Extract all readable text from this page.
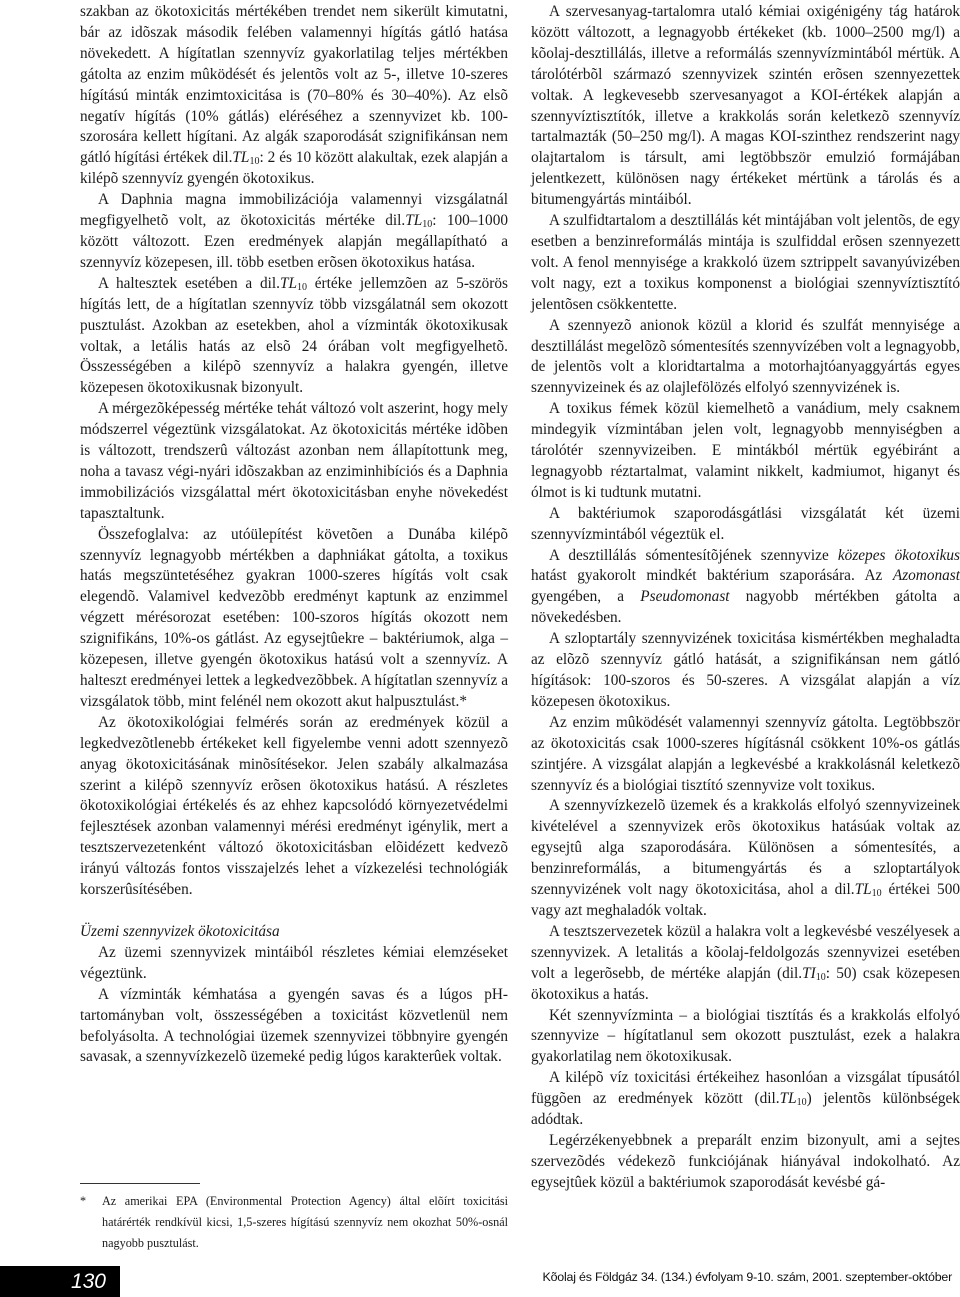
szakban az ökotoxicitás mértékében trendet nem sikerült kimutatni, bár az idõszak második felében valamennyi hígítás gátló hatása növekedett. A hígítatlan szennyvíz gyakorlatilag teljes mértékben gátolta az enzim mûködését és jelentõs volt az 5-, illetve 10-szeres hígítású minták enzimtoxicitása is (70–80% és 30–40%). Az elsõ negatív hígítás (10% gátlás) eléréséhez a szennyvizet kb. 100-szorosára kellett hígítani. Az algák szaporodását szignifikánsan nem gátló hígítási értékek $dil.TL_{10}$: 2 és 10 között alakultak, ezek alapján a kilépõ szennyvíz gyengén ökotoxikus.

A Daphnia magna immobilizációja valamennyi vizsgálatnál megfigyelhetõ volt, az ökotoxicitás mértéke $dil.TL_{10}$: 100–1000 között változott. Ezen eredmények alapján megállapítható a szennyvíz közepesen, ill. több esetben erõsen ökotoxikus hatása.

A haltesztek esetében a $dil.TL_{10}$ értéke jellemzõen az 5-szörös hígítás lett, de a hígítatlan szennyvíz több vizsgálatnál sem okozott pusztulást. Azokban az esetekben, ahol a vízminták ökotoxikusak voltak, a letális hatás az elsõ 24 órában volt megfigyelhetõ. Összességében a kilépõ szennyvíz a halakra gyengén, illetve közepesen ökotoxikusnak bizonyult.

A mérgezõképesség mértéke tehát változó volt aszerint, hogy mely módszerrel végeztünk vizsgálatokat. Az ökotoxicitás mértéke idõben is változott, trendszerû változást azonban nem állapítottunk meg, noha a tavasz végi-nyári idõszakban az enziminhibíciós és a Daphnia immobilizációs vizsgálattal mért ökotoxicitásban enyhe növekedést tapasztaltunk.

Összefoglalva: az utóülepítést követõen a Dunába kilépõ szennyvíz legnagyobb mértékben a daphniákat gátolta, a toxikus hatás megszüntetéséhez gyakran 1000-szeres hígítás volt csak elegendõ. Valamivel kedvezõbb eredményt kaptunk az enzimmel végzett mérésorozat esetében: 100-szoros hígítás okozott nem szignifikáns, 10%-os gátlást. Az egysejtûekre – baktériumok, alga – közepesen, illetve gyengén ökotoxikus hatású volt a szennyvíz. A halteszt eredményei lettek a legkedvezõbbek. A hígítatlan szennyvíz a vizsgálatok több, mint felénél nem okozott akut halpusztulást.*

Az ökotoxikológiai felmérés során az eredmények közül a legkedvezõtlenebb értékeket kell figyelembe venni adott szennyezõ anyag ökotoxicitásának minõsítésekor. Jelen szabály alkalmazása szerint a kilépõ szennyvíz erõsen ökotoxikus hatású. A részletes ökotoxikológiai értékelés és az ehhez kapcsolódó környezetvédelmi fejlesztések azonban valamennyi mérési eredményt igénylik, mert a tesztszervezetenként változó ökotoxicitásban elõidézett kedvezõ irányú változás fontos visszajelzés lehet a vízkezelési technológiák korszerûsítésében.

Üzemi szennyvizek ökotoxicitása

Az üzemi szennyvizek mintáiból részletes kémiai elemzéseket végeztünk.

A vízminták kémhatása a gyengén savas és a lúgos pH-tartományban volt, összességében a toxicitást közvetlenül nem befolyásolta. A technológiai üzemek szennyvizei többnyire gyengén savasak, a szennyvízkezelõ üzemeké pedig lúgos karakterûek voltak.

*	Az amerikai EPA (Environmental Protection Agency) által elõírt toxicitási határérték rendkívül kicsi, 1,5-szeres hígítású szennyvíz nem okozhat 50%-osnál nagyobb pusztulást.

A szervesanyag-tartalomra utaló kémiai oxigénigény tág határok között változott, a legnagyobb értékeket (kb. 1000–2500 mg/l) a kõolaj-desztillálás, illetve a reformálás szennyvízmintából mértük. A tárolótérbõl származó szennyvizek szintén erõsen szennyezettek voltak. A legkevesebb szervesanyagot a KOI-értékek alapján a szennyvíztisztítók, illetve a krakkolás során keletkezõ szennyvíz tartalmazták (50–250 mg/l). A magas KOI-szinthez rendszerint nagy olajtartalom is társult, ami legtöbbször emulzió formájában jelentkezett, különösen nagy értékeket mértünk a tárolás és a bitumengyártás mintáiból.

A szulfidtartalom a desztillálás két mintájában volt jelentõs, de egy esetben a benzinreformálás mintája is szulfiddal erõsen szennyezett volt. A fenol mennyisége a krakkoló üzem sztrippelt savanyúvizében volt nagy, ezt a toxikus komponenst a biológiai szennyvíztisztító jelentõsen csökkentette.

A szennyezõ anionok közül a klorid és szulfát mennyisége a desztillálást megelõzõ sómentesítés szennyvízében volt a legnagyobb, de jelentõs volt a kloridtartalma a motorhajtóanyaggyártás egyes szennyvizeinek és az olajlefölözés elfolyó szennyvizének is.

A toxikus fémek közül kiemelhetõ a vanádium, mely csaknem mindegyik vízmintában jelen volt, legnagyobb mennyiségben a tárolótér szennyvizeiben. E mintákból mértük egyébiránt a legnagyobb réztartalmat, valamint nikkelt, kadmiumot, higanyt és ólmot is ki tudtunk mutatni.

A baktériumok szaporodásgátlási vizsgálatát két üzemi szennyvízmintából végeztük el.

A desztillálás sómentesítõjének szennyvize közepes ökotoxikus hatást gyakorolt mindkét baktérium szaporására. Az Azomonast gyengében, a Pseudomonast nagyobb mértékben gátolta a növekedésben.

A szloptartály szennyvizének toxicitása kismértékben meghaladta az elõzõ szennyvíz gátló hatását, a szignifikánsan nem gátló hígítások: 100-szoros és 50-szeres. A vizsgálat alapján a víz közepesen ökotoxikus.

Az enzim mûködését valamennyi szennyvíz gátolta. Legtöbbször az ökotoxicitás csak 1000-szeres hígításnál csökkent 10%-os gátlás szintjére. A vizsgálat alapján a legkevésbé a krakkolásnál keletkezõ szennyvíz és a biológiai tisztító szennyvize volt toxikus.

A szennyvízkezelõ üzemek és a krakkolás elfolyó szennyvizeinek kivételével a szennyvizek erõs ökotoxikus hatásúak voltak az egysejtû alga szaporodására. Különösen a sómentesítés, a benzinreformálás, a bitumengyártás és a szloptartályok szennyvizének volt nagy ökotoxicitása, ahol a $dil.TL_{10}$ értékei 500 vagy azt meghaladók voltak.

A tesztszervezetek közül a halakra volt a legkevésbé veszélyesek a szennyvizek. A letalitás a kõolaj-feldolgozás szennyvizei esetében volt a legerõsebb, de mértéke alapján ($dil.TI_{10}$: 50) csak közepesen ökotoxikus a hatás.

Két szennyvízminta – a biológiai tisztítás és a krakkolás elfolyó szennyvize – hígítatlanul sem okozott pusztulást, ezek a halakra gyakorlatilag nem ökotoxikusak.

A kilépõ víz toxicitási értékeihez hasonlóan a vizsgálat típusától függõen az eredmények között $(dil.TL_{10})$ jelentõs különbségek adódtak.

Legérzékenyebbnek a preparált enzim bizonyult, ami a sejtes szervezõdés védekezõ funkciójának hiányával indokolható. Az egysejtûek közül a baktériumok szaporodását kevésbé gá-

130	Kõolaj és Földgáz 34. (134.) évfolyam 9-10. szám, 2001. szeptember-október
